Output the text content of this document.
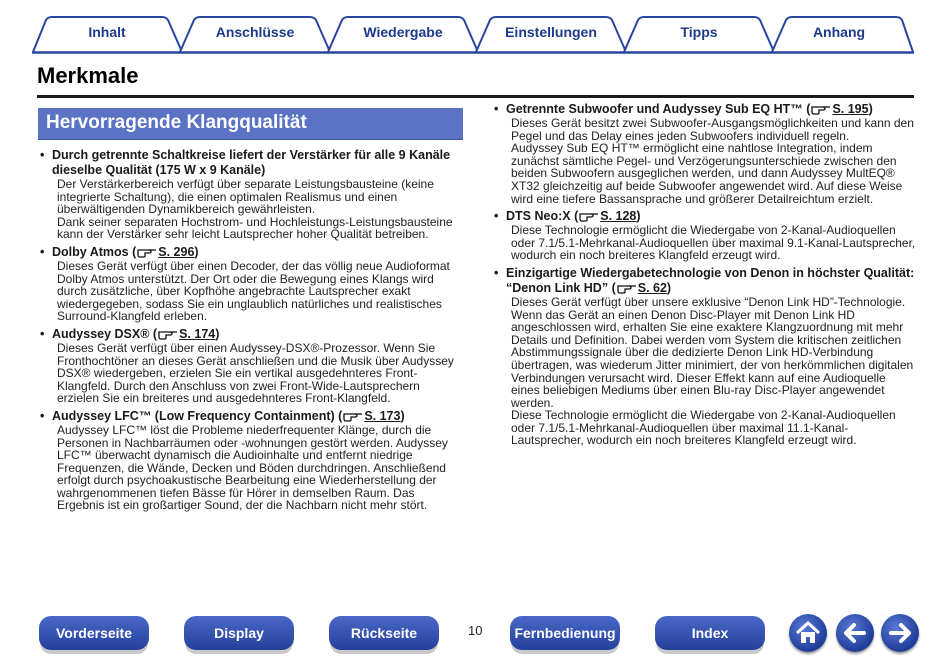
Inhalt	Anschlüsse	Wiedergabe	Einstellungen	Tipps	Anhang
Merkmale
Hervorragende Klangqualität
• Durch getrennte Schaltkreise liefert der Verstärker für alle 9 Kanäle dieselbe Qualität (175 W x 9 Kanäle)
Der Verstärkerbereich verfügt über separate Leistungsbausteine (keine integrierte Schaltung), die einen optimalen Realismus und einen überwältigenden Dynamikbereich gewährleisten.
Dank seiner separaten Hochstrom- und Hochleistungs-Leistungsbausteine kann der Verstärker sehr leicht Lautsprecher hoher Qualität betreiben.
• Dolby Atmos ( S. 296)
Dieses Gerät verfügt über einen Decoder, der das völlig neue Audioformat Dolby Atmos unterstützt. Der Ort oder die Bewegung eines Klangs wird durch zusätzliche, über Kopfhöhe angebrachte Lautsprecher exakt wiedergegeben, sodass Sie ein unglaublich natürliches und realistisches Surround-Klangfeld erleben.
• Audyssey DSX® ( S. 174)
Dieses Gerät verfügt über einen Audyssey-DSX®-Prozessor. Wenn Sie Fronthochtöner an dieses Gerät anschließen und die Musik über Audyssey DSX® wiedergeben, erzielen Sie ein vertikal ausgedehnteres Front-Klangfeld. Durch den Anschluss von zwei Front-Wide-Lautsprechern erzielen Sie ein breiteres und ausgedehnteres Front-Klangfeld.
• Audyssey LFC™ (Low Frequency Containment) ( S. 173)
Audyssey LFC™ löst die Probleme niederfrequenter Klänge, durch die Personen in Nachbarräumen oder -wohnungen gestört werden. Audyssey LFC™ überwacht dynamisch die Audioinhalte und entfernt niedrige Frequenzen, die Wände, Decken und Böden durchdringen. Anschließend erfolgt durch psychoakustische Bearbeitung eine Wiederherstellung der wahrgenommenen tiefen Bässe für Hörer in demselben Raum. Das Ergebnis ist ein großartiger Sound, der die Nachbarn nicht mehr stört.
• Getrennte Subwoofer und Audyssey Sub EQ HT™ ( S. 195)
Dieses Gerät besitzt zwei Subwoofer-Ausgangsmöglichkeiten und kann den Pegel und das Delay eines jeden Subwoofers individuell regeln.
Audyssey Sub EQ HT™ ermöglicht eine nahtlose Integration, indem zunächst sämtliche Pegel- und Verzögerungsunterschiede zwischen den beiden Subwoofern ausgeglichen werden, und dann Audyssey MultEQ® XT32 gleichzeitig auf beide Subwoofer angewendet wird. Auf diese Weise wird eine tiefere Bassansprache und größerer Detailreichtum erzielt.
• DTS Neo:X ( S. 128)
Diese Technologie ermöglicht die Wiedergabe von 2-Kanal-Audioquellen oder 7.1/5.1-Mehrkanal-Audioquellen über maximal 9.1-Kanal-Lautsprecher, wodurch ein noch breiteres Klangfeld erzeugt wird.
• Einzigartige Wiedergabetechnologie von Denon in höchster Qualität: “Denon Link HD” ( S. 62)
Dieses Gerät verfügt über unsere exklusive “Denon Link HD”-Technologie. Wenn das Gerät an einen Denon Disc-Player mit Denon Link HD angeschlossen wird, erhalten Sie eine exaktere Klangzuordnung mit mehr Details und Definition. Dabei werden vom System die kritischen zeitlichen Abstimmungssignale über die dedizierte Denon Link HD-Verbindung übertragen, was wiederum Jitter minimiert, der von herkömmlichen digitalen Verbindungen verursacht wird. Dieser Effekt kann auf eine Audioquelle eines beliebigen Mediums über einen Blu-ray Disc-Player angewendet werden.
Diese Technologie ermöglicht die Wiedergabe von 2-Kanal-Audioquellen oder 7.1/5.1-Mehrkanal-Audioquellen über maximal 11.1-Kanal-Lautsprecher, wodurch ein noch breiteres Klangfeld erzeugt wird.
Vorderseite	Display	Rückseite	10	Fernbedienung	Index
